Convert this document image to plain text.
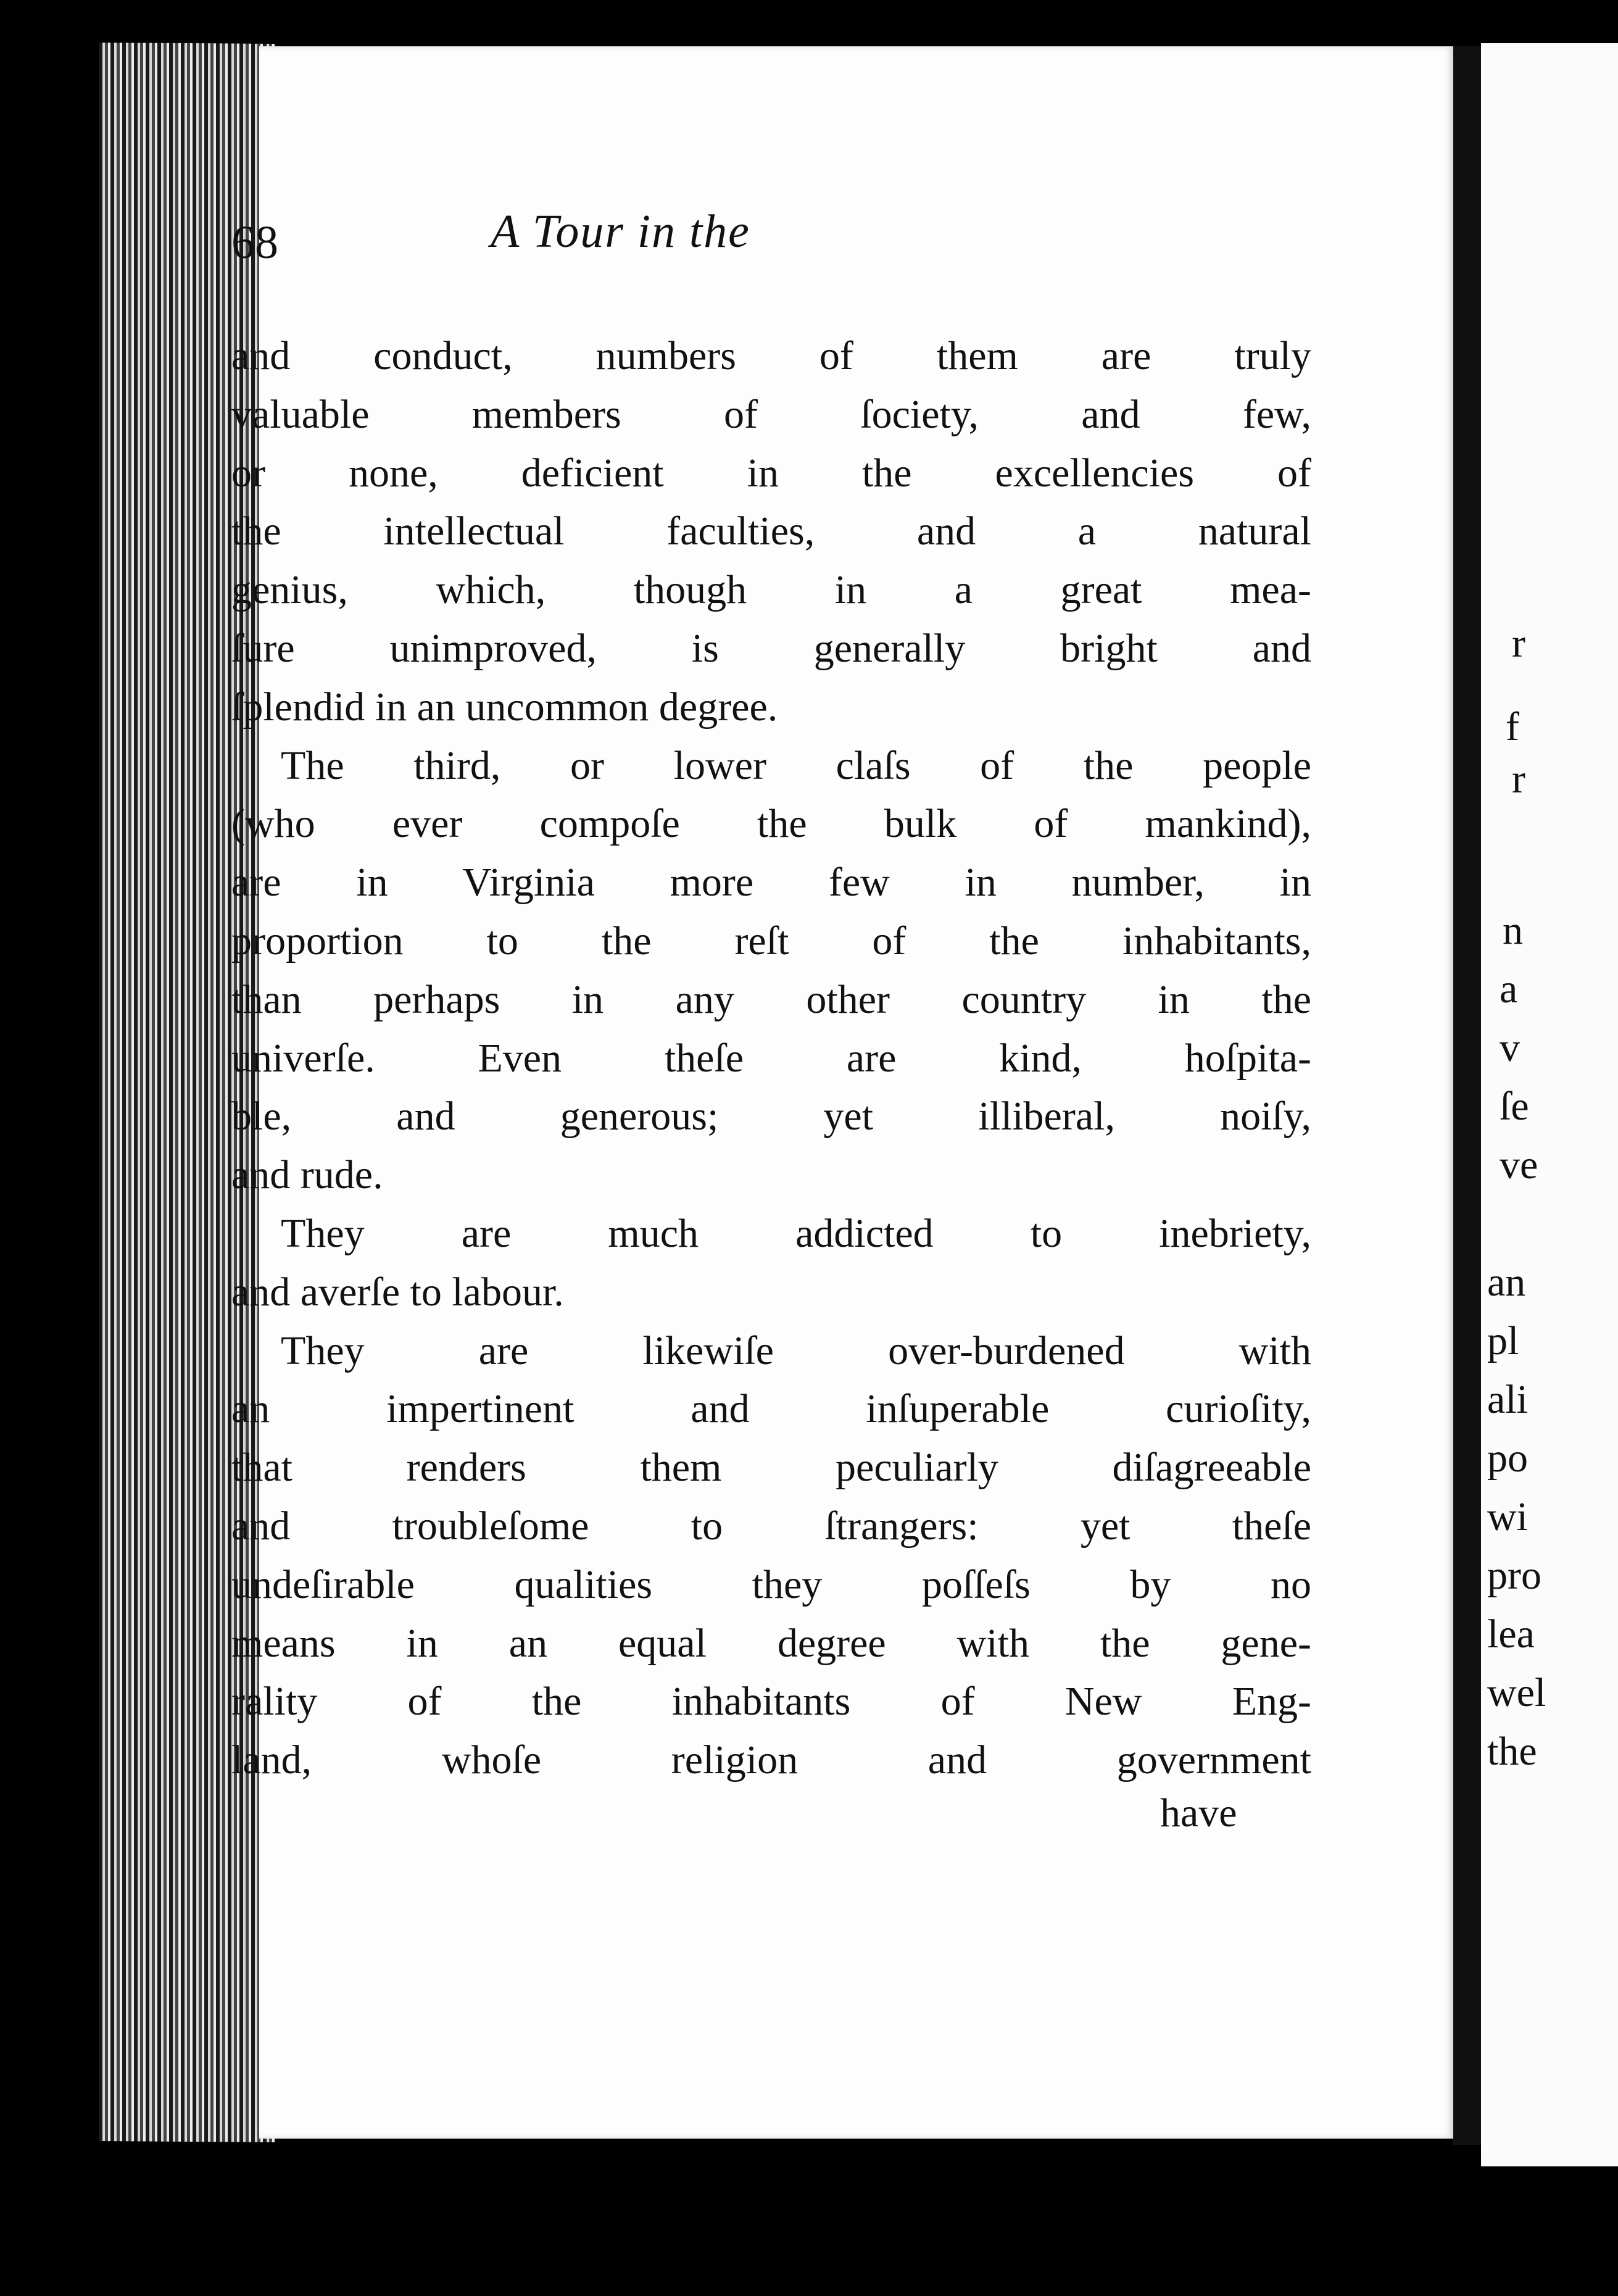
r
f
r
n
a
v
ſe
ve
an
pl
ali
po
wi
pro
lea
wel
the
68	A Tour in the
and conduct, numbers of them are truly
valuable members of ſociety, and few,
or none, deficient in the excellencies of
the intellectual faculties, and a natural
genius, which, though in a great mea-
ſure unimproved, is generally bright and
ſplendid in an uncommon degree.
The third, or lower claſs of the people
(who ever compoſe the bulk of mankind),
are in Virginia more few in number, in
proportion to the reſt of the inhabitants,
than perhaps in any other country in the
univerſe. Even theſe are kind, hoſpita-
ble, and generous; yet illiberal, noiſy,
and rude.
They are much addicted to inebriety,
and averſe to labour.
They are likewiſe over-burdened with
an impertinent and inſuperable curioſity,
that renders them peculiarly diſagreeable
and troubleſome to ſtrangers: yet theſe
undeſirable qualities they poſſeſs by no
means in an equal degree with the gene-
rality of the inhabitants of New Eng-
land, whoſe religion and government
have
